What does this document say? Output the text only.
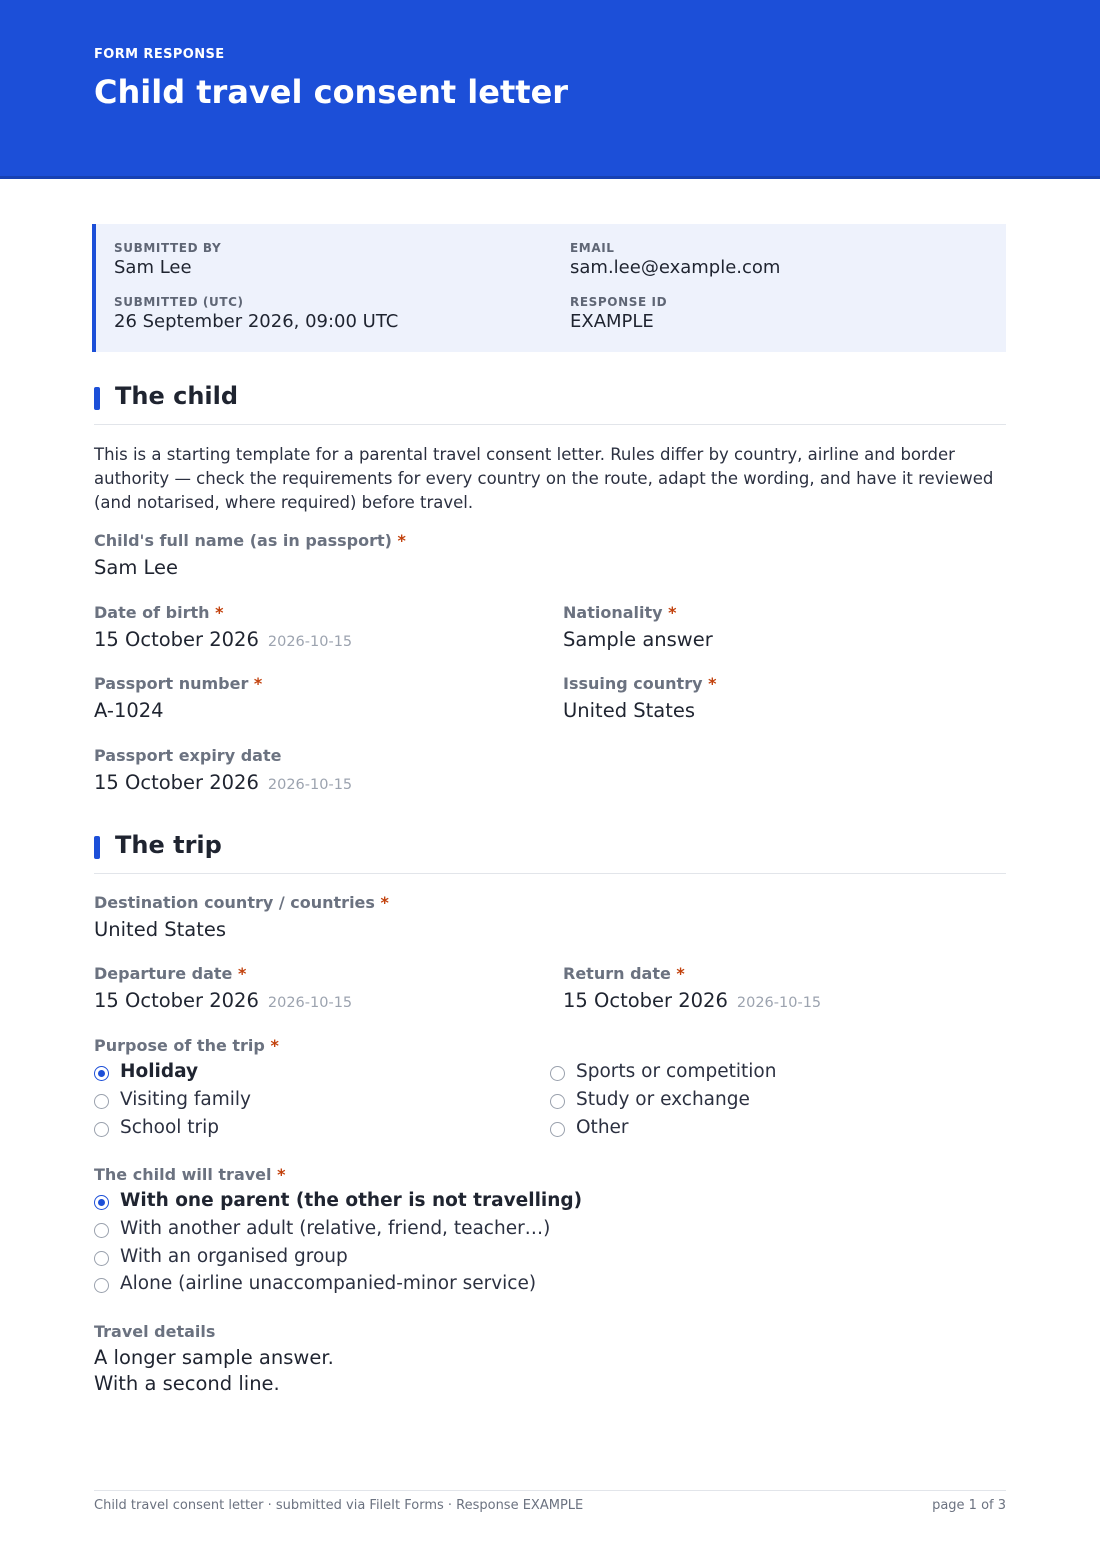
FORM RESPONSE
Child travel consent letter
SUBMITTED BY
Sam Lee
EMAIL
sam.lee@example.com
SUBMITTED (UTC)
26 September 2026, 09:00 UTC
RESPONSE ID
EXAMPLE
The child
This is a starting template for a parental travel consent letter. Rules differ by country, airline and border authority — check the requirements for every country on the route, adapt the wording, and have it reviewed (and notarised, where required) before travel.
Child's full name (as in passport) *
Sam Lee
Date of birth *
15 October 2026 2026-10-15
Nationality *
Sample answer
Passport number *
A-1024
Issuing country *
United States
Passport expiry date
15 October 2026 2026-10-15
The trip
Destination country / countries *
United States
Departure date *
15 October 2026 2026-10-15
Return date *
15 October 2026 2026-10-15
Purpose of the trip *
Holiday
Visiting family
School trip
Sports or competition
Study or exchange
Other
The child will travel *
With one parent (the other is not travelling)
With another adult (relative, friend, teacher…)
With an organised group
Alone (airline unaccompanied-minor service)
Travel details
A longer sample answer.
With a second line.
Child travel consent letter · submitted via FileIt Forms · Response EXAMPLE	page 1 of 3
